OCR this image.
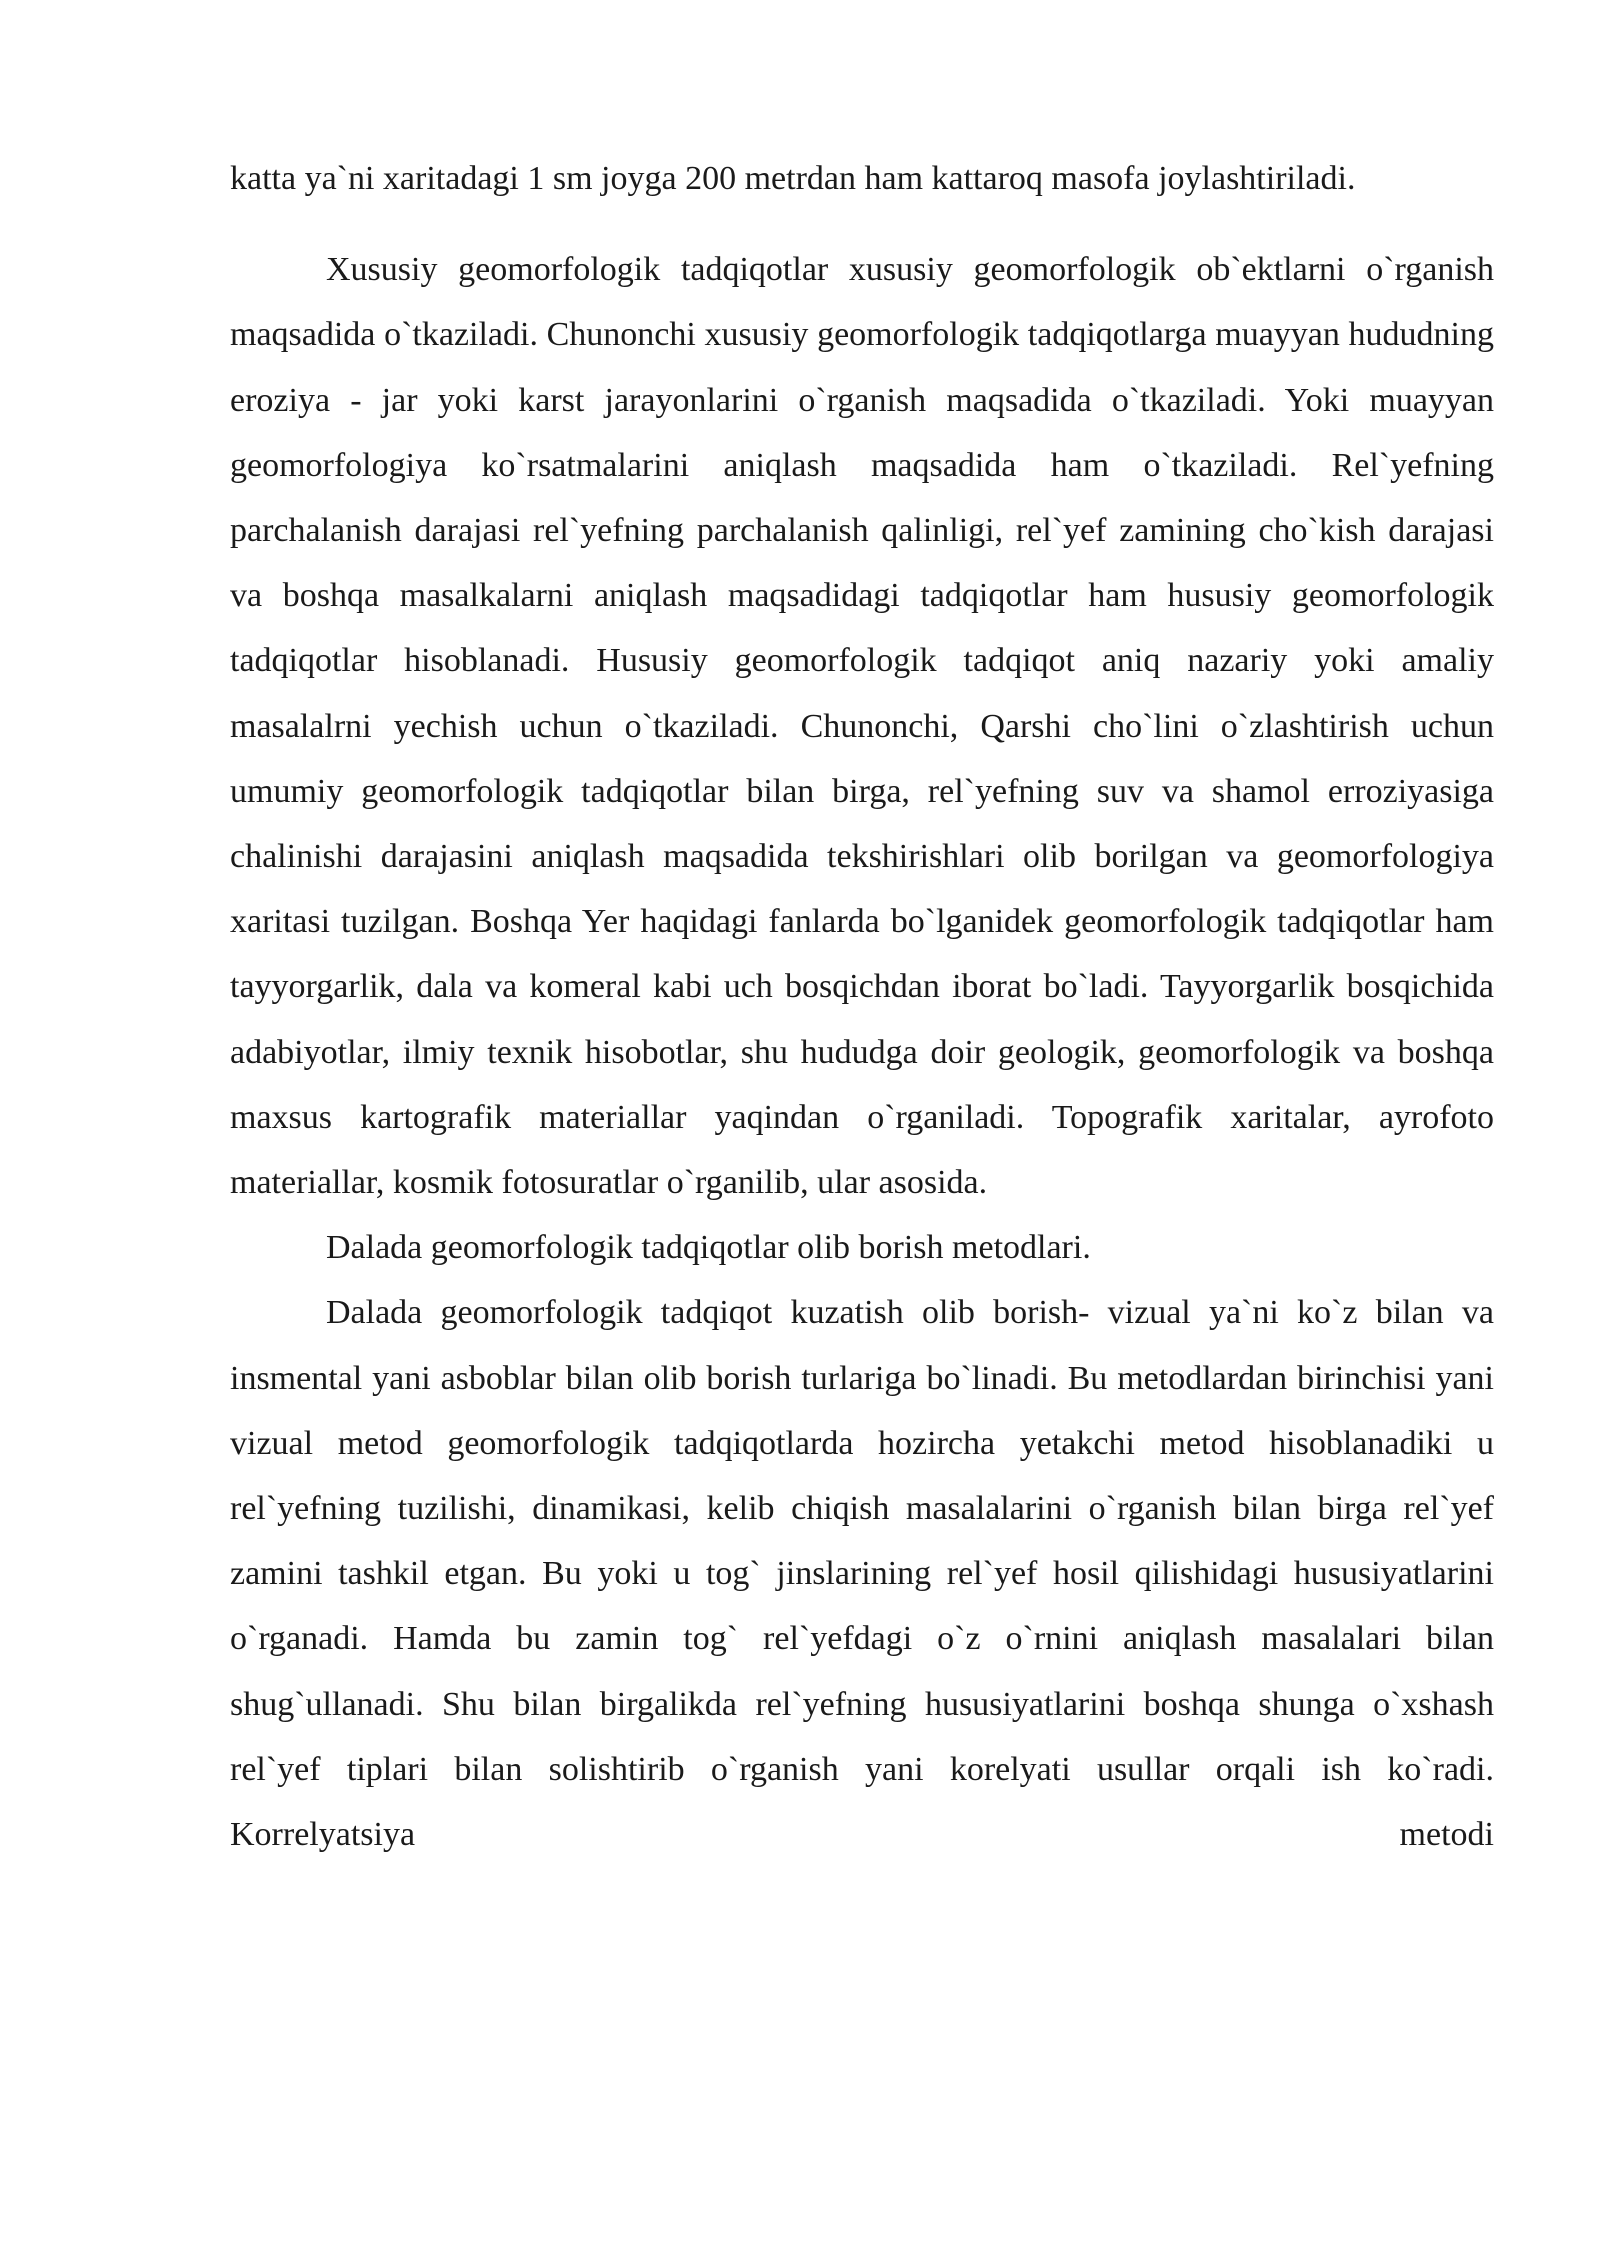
katta ya`ni xaritadagi 1 sm joyga 200 metrdan ham kattaroq masofa joylashtiriladi.

Xususiy geomorfologik tadqiqotlar xususiy geomorfologik ob`ektlarni o`rganish maqsadida o`tkaziladi. Chunonchi xususiy geomorfologik tadqiqotlarga muayyan hududning eroziya - jar yoki karst jarayonlarini o`rganish maqsadida o`tkaziladi. Yoki muayyan geomorfologiya ko`rsatmalarini aniqlash maqsadida ham o`tkaziladi. Rel`yefning parchalanish darajasi rel`yefning parchalanish qalinligi, rel`yef zamining cho`kish darajasi va boshqa masalkalarni aniqlash maqsadidagi tadqiqotlar ham hususiy geomorfologik tadqiqotlar hisoblanadi. Hususiy geomorfologik tadqiqot aniq nazariy yoki amaliy masalalrni yechish uchun o`tkaziladi. Chunonchi, Qarshi cho`lini o`zlashtirish uchun umumiy geomorfologik tadqiqotlar bilan birga, rel`yefning suv va shamol erroziyasiga chalinishi darajasini aniqlash maqsadida tekshirishlari olib borilgan va geomorfologiya xaritasi tuzilgan. Boshqa Yer haqidagi fanlarda bo`lganidek geomorfologik tadqiqotlar ham tayyorgarlik, dala va komeral kabi uch bosqichdan iborat bo`ladi. Tayyorgarlik bosqichida adabiyotlar, ilmiy texnik hisobotlar, shu hududga doir geologik, geomorfologik va boshqa maxsus kartografik materiallar yaqindan o`rganiladi. Topografik xaritalar, ayrofoto materiallar, kosmik fotosuratlar o`rganilib, ular asosida.

Dalada geomorfologik tadqiqotlar olib borish metodlari.

Dalada geomorfologik tadqiqot kuzatish olib borish- vizual ya`ni ko`z bilan va insmental yani asboblar bilan olib borish turlariga bo`linadi. Bu metodlardan birinchisi yani vizual metod geomorfologik tadqiqotlarda hozircha yetakchi metod hisoblanadiki u rel`yefning tuzilishi, dinamikasi, kelib chiqish masalalarini o`rganish bilan birga rel`yef zamini tashkil etgan. Bu yoki u tog` jinslarining rel`yef hosil qilishidagi hususiyatlarini o`rganadi. Hamda bu zamin tog` rel`yefdagi o`z o`rnini aniqlash masalalari bilan shug`ullanadi. Shu bilan birgalikda rel`yefning hususiyatlarini boshqa shunga o`xshash rel`yef tiplari bilan solishtirib o`rganish yani korelyati usullar orqali ish ko`radi. Korrelyatsiya metodi
